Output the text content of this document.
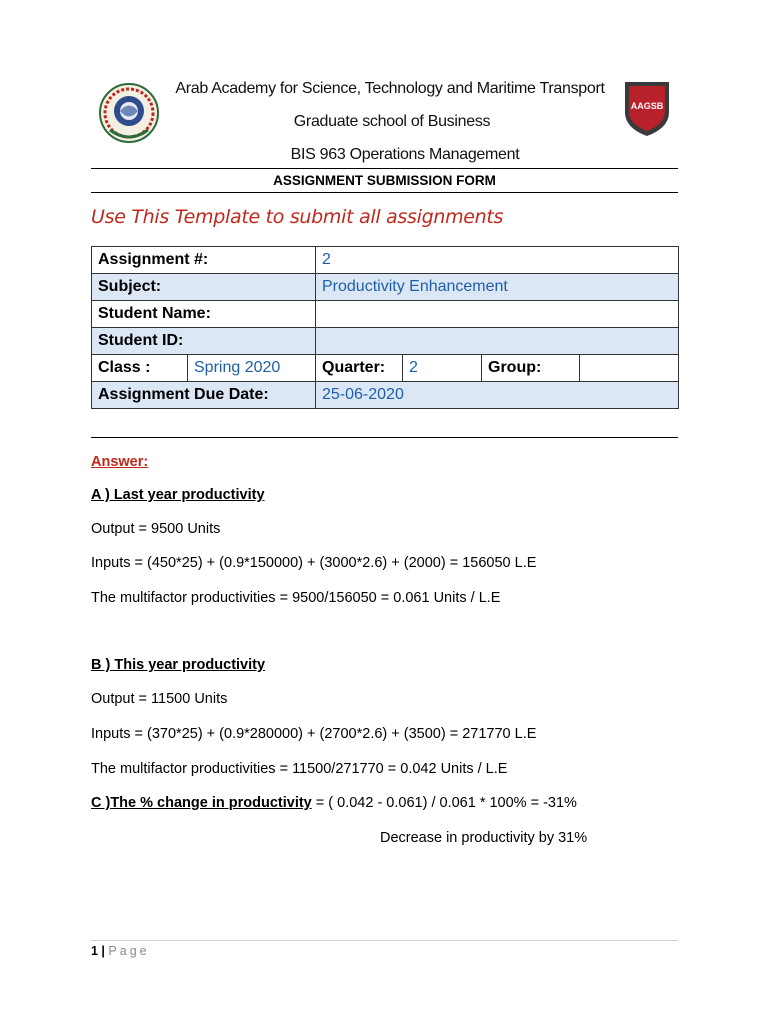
AAGSB
Arab Academy for Science, Technology and Maritime Transport
Graduate school of Business
BIS 963 Operations Management
ASSIGNMENT SUBMISSION FORM
Use This Template to submit all assignments
Assignment #:		2			
Subject:		Productivity Enhancement			
Student Name:					
Student ID:					
Class :	Spring 2020	Quarter:	2	Group:	
Assignment Due Date:		25-06-2020			
Answer:
A ) Last year productivity
Output = 9500 Units
Inputs = (450*25) + (0.9*150000) + (3000*2.6) + (2000) = 156050 L.E
The multifactor productivities = 9500/156050 = 0.061 Units / L.E
B ) This year productivity
Output = 11500 Units
Inputs = (370*25) + (0.9*280000) + (2700*2.6) + (3500) = 271770 L.E
The multifactor productivities = 11500/271770 = 0.042 Units / L.E
C )The % change in productivity = ( 0.042 - 0.061) / 0.061 * 100% = -31%
Decrease in productivity by 31%
1 | Page
